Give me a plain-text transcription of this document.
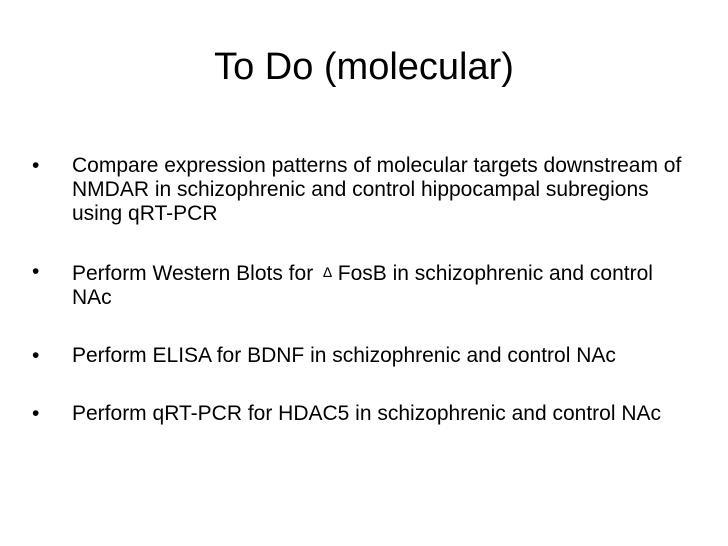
To Do (molecular)
• Compare expression patterns of molecular targets downstream of NMDAR in schizophrenic and control hippocampal subregions using qRT-PCR
• Perform Western Blots for ∆ FosB in schizophrenic and control NAc
• Perform ELISA for BDNF in schizophrenic and control NAc
• Perform qRT-PCR for HDAC5 in schizophrenic and control NAc
